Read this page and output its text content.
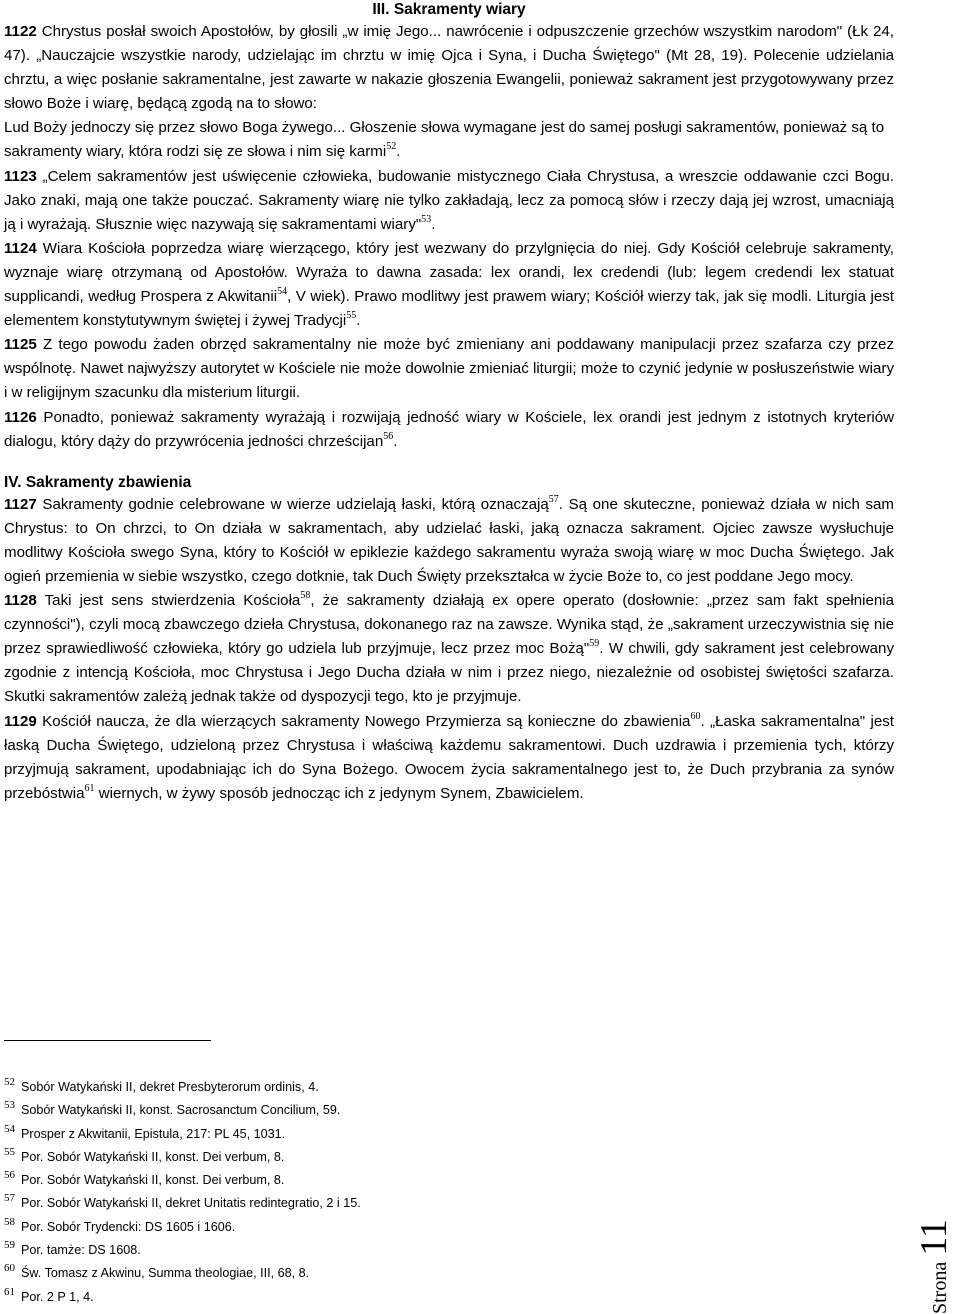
III. Sakramenty wiary
1122 Chrystus posłał swoich Apostołów, by głosili „w imię Jego... nawrócenie i odpuszczenie grzechów wszystkim narodom" (Łk 24, 47). „Nauczajcie wszystkie narody, udzielając im chrztu w imię Ojca i Syna, i Ducha Świętego" (Mt 28, 19). Polecenie udzielania chrztu, a więc posłanie sakramentalne, jest zawarte w nakazie głoszenia Ewangelii, ponieważ sakrament jest przygotowywany przez słowo Boże i wiarę, będącą zgodą na to słowo:
Lud Boży jednoczy się przez słowo Boga żywego... Głoszenie słowa wymagane jest do samej posługi sakramentów, ponieważ są to sakramenty wiary, która rodzi się ze słowa i nim się karmi$^{52}$.
1123 „Celem sakramentów jest uświęcenie człowieka, budowanie mistycznego Ciała Chrystusa, a wreszcie oddawanie czci Bogu. Jako znaki, mają one także pouczać. Sakramenty wiarę nie tylko zakładają, lecz za pomocą słów i rzeczy dają jej wzrost, umacniają ją i wyrażają. Słusznie więc nazywają się sakramentami wiary"$^{53}$.
1124 Wiara Kościoła poprzedza wiarę wierzącego, który jest wezwany do przylgnięcia do niej. Gdy Kościół celebruje sakramenty, wyznaje wiarę otrzymaną od Apostołów. Wyraża to dawna zasada: lex orandi, lex credendi (lub: legem credendi lex statuat supplicandi, według Prospera z Akwitanii$^{54}$, V wiek). Prawo modlitwy jest prawem wiary; Kościół wierzy tak, jak się modli. Liturgia jest elementem konstytutywnym świętej i żywej Tradycji$^{55}$.
1125 Z tego powodu żaden obrzęd sakramentalny nie może być zmieniany ani poddawany manipulacji przez szafarza czy przez wspólnotę. Nawet najwyższy autorytet w Kościele nie może dowolnie zmieniać liturgii; może to czynić jedynie w posłuszeństwie wiary i w religijnym szacunku dla misterium liturgii.
1126 Ponadto, ponieważ sakramenty wyrażają i rozwijają jedność wiary w Kościele, lex orandi jest jednym z istotnych kryteriów dialogu, który dąży do przywrócenia jedności chrześcijan$^{56}$.
IV. Sakramenty zbawienia
1127 Sakramenty godnie celebrowane w wierze udzielają łaski, którą oznaczają$^{57}$. Są one skuteczne, ponieważ działa w nich sam Chrystus: to On chrzci, to On działa w sakramentach, aby udzielać łaski, jaką oznacza sakrament. Ojciec zawsze wysłuchuje modlitwy Kościoła swego Syna, który to Kościół w epiklezie każdego sakramentu wyraża swoją wiarę w moc Ducha Świętego. Jak ogień przemienia w siebie wszystko, czego dotknie, tak Duch Święty przekształca w życie Boże to, co jest poddane Jego mocy.
1128 Taki jest sens stwierdzenia Kościoła$^{58}$, że sakramenty działają ex opere operato (dosłownie: „przez sam fakt spełnienia czynności"), czyli mocą zbawczego dzieła Chrystusa, dokonanego raz na zawsze. Wynika stąd, że „sakrament urzeczywistnia się nie przez sprawiedliwość człowieka, który go udziela lub przyjmuje, lecz przez moc Bożą"$^{59}$. W chwili, gdy sakrament jest celebrowany zgodnie z intencją Kościoła, moc Chrystusa i Jego Ducha działa w nim i przez niego, niezależnie od osobistej świętości szafarza. Skutki sakramentów zależą jednak także od dyspozycji tego, kto je przyjmuje.
1129 Kościół naucza, że dla wierzących sakramenty Nowego Przymierza są konieczne do zbawienia$^{60}$. „Łaska sakramentalna" jest łaską Ducha Świętego, udzieloną przez Chrystusa i właściwą każdemu sakramentowi. Duch uzdrawia i przemienia tych, którzy przyjmują sakrament, upodabniając ich do Syna Bożego. Owocem życia sakramentalnego jest to, że Duch przybrania za synów przebóstwia$^{61}$ wiernych, w żywy sposób jednocząc ich z jedynym Synem, Zbawicielem.
52 Sobór Watykański II, dekret Presbyterorum ordinis, 4.
53 Sobór Watykański II, konst. Sacrosanctum Concilium, 59.
54 Prosper z Akwitanii, Epistula, 217: PL 45, 1031.
55 Por. Sobór Watykański II, konst. Dei verbum, 8.
56 Por. Sobór Watykański II, konst. Dei verbum, 8.
57 Por. Sobór Watykański II, dekret Unitatis redintegratio, 2 i 15.
58 Por. Sobór Trydencki: DS 1605 i 1606.
59 Por. tamże: DS 1608.
60 Św. Tomasz z Akwinu, Summa theologiae, III, 68, 8.
61 Por. 2 P 1, 4.	Strona11
